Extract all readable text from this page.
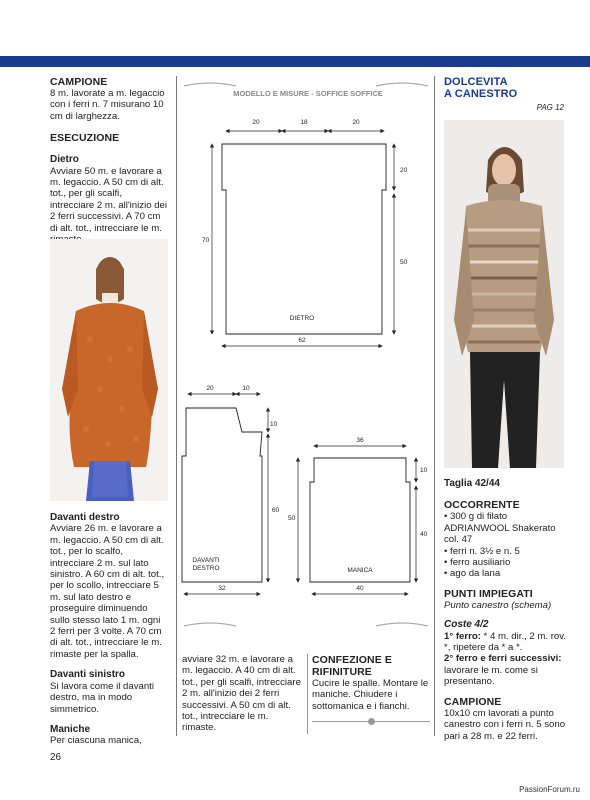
CAMPIONE

8 m. lavorate a m. legaccio con i ferri n. 7 misurano 10 cm di larghezza.

ESECUZIONE

Dietro

Avviare 50 m. e lavorare a m. legaccio. A 50 cm di alt. tot., per gli scalfi, intrecciare 2 m. all'inizio dei 2 ferri successivi. A 70 cm di alt. tot., intrecciare le m.

Davanti destro

Avviare 26 m. e lavorare a m. legaccio. A 50 cm di alt. tot., per lo scalfo, intrecciare 2 m. sul lato sinistro. A 60 cm di alt. tot., per lo scollo, intrecciare 5 m. sul lato destro e proseguire diminuendo sullo stesso lato 1 m. ogni 2 ferri per 3 volte. A 70 cm di alt. tot., intrecciare le m. rimaste per la spalla.

Davanti sinistro

Si lavora come il davanti destro, ma in modo simmetrico.

Maniche

Per ciascuna manica,

MODELLO E MISURE - SOFFICE SOFFICE
20	18	20
20
50
70
62
DIETRO
20	10
10
60
32
DAVANTI
DESTRO
36
10
40
50
40
MANICA

avviare 32 m. e lavorare a m. legaccio. A 40 cm di alt. tot., per gli scalfi, intrecciare 2 m. all'inizio dei 2 ferri successivi. A 50 cm di alt. tot., intrecciare le m. rimaste.

CONFEZIONE E RIFINITURE

Cucire le spalle. Montare le maniche. Chiudere i sottomanica e i fianchi.

DOLCEVITA

A CANESTRO

PAG 12

Taglia 42/44

OCCORRENTE

• 300 g di filato ADRIANWOOL Shakerato col. 47
• ferri n. 3½ e n. 5
• ferro ausiliario
• ago da lana

PUNTI IMPIEGATI

Punto canestro (schema)

Coste 4/2

1° ferro: * 4 m. dir., 2 m. rov. *, ripetere da * a *.

2° ferro e ferri successivi: lavorare le m. come si presentano.

CAMPIONE

10x10 cm lavorati a punto canestro con i ferri n. 5 sono pari a 28 m. e 22 ferri.

26
PassionForum.ru
